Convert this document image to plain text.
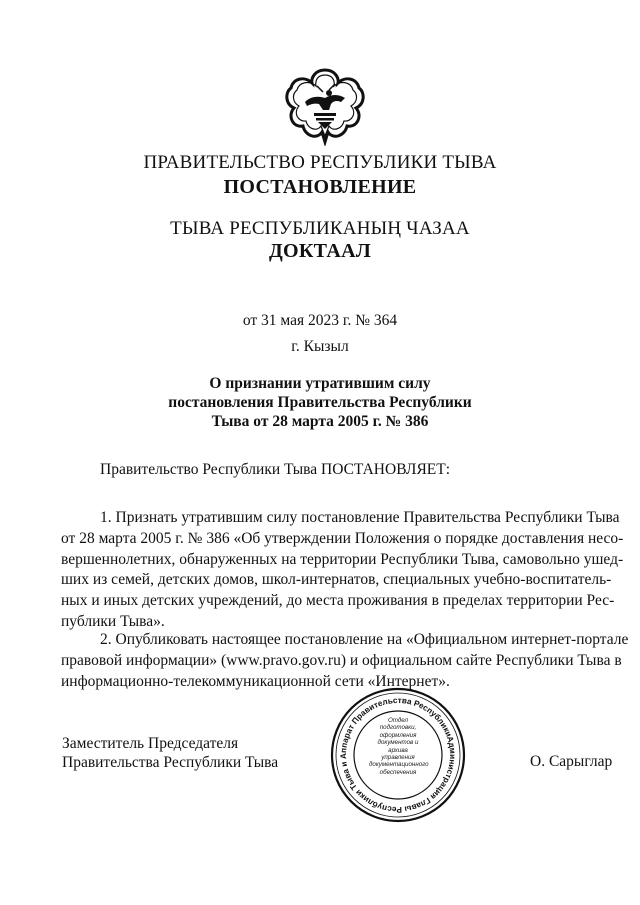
ПРАВИТЕЛЬСТВО РЕСПУБЛИКИ ТЫВА
ПОСТАНОВЛЕНИЕ
ТЫВА РЕСПУБЛИКАНЫҢ ЧАЗАА
ДОКТААЛ
от 31 мая 2023 г. № 364
г. Кызыл
О признании утратившим силу
постановления Правительства Республики
Тыва от 28 марта 2005 г. № 386
Правительство Республики Тыва ПОСТАНОВЛЯЕТ:
1. Признать утратившим силу постановление Правительства Республики Тыва
от 28 марта 2005 г. № 386 «Об утверждении Положения о порядке доставления несо-
вершеннолетних, обнаруженных на территории Республики Тыва, самовольно ушед-
ших из семей, детских домов, школ-интернатов, специальных учебно-воспитатель-
ных и иных детских учреждений, до места проживания в пределах территории Рес-
публики Тыва».
2. Опубликовать настоящее постановление на «Официальном интернет-портале
правовой информации» (www.pravo.gov.ru) и официальном сайте Республики Тыва в
информационно-телекоммуникационной сети «Интернет».
Заместитель Председателя
Правительства Республики Тыва	О. Сарыглар
Администрация Главы Республики Тыва и Аппарат Правительства Республики
Отдел
подготовки,
оформления
документов и архива
управления
документационного
обеспечения
